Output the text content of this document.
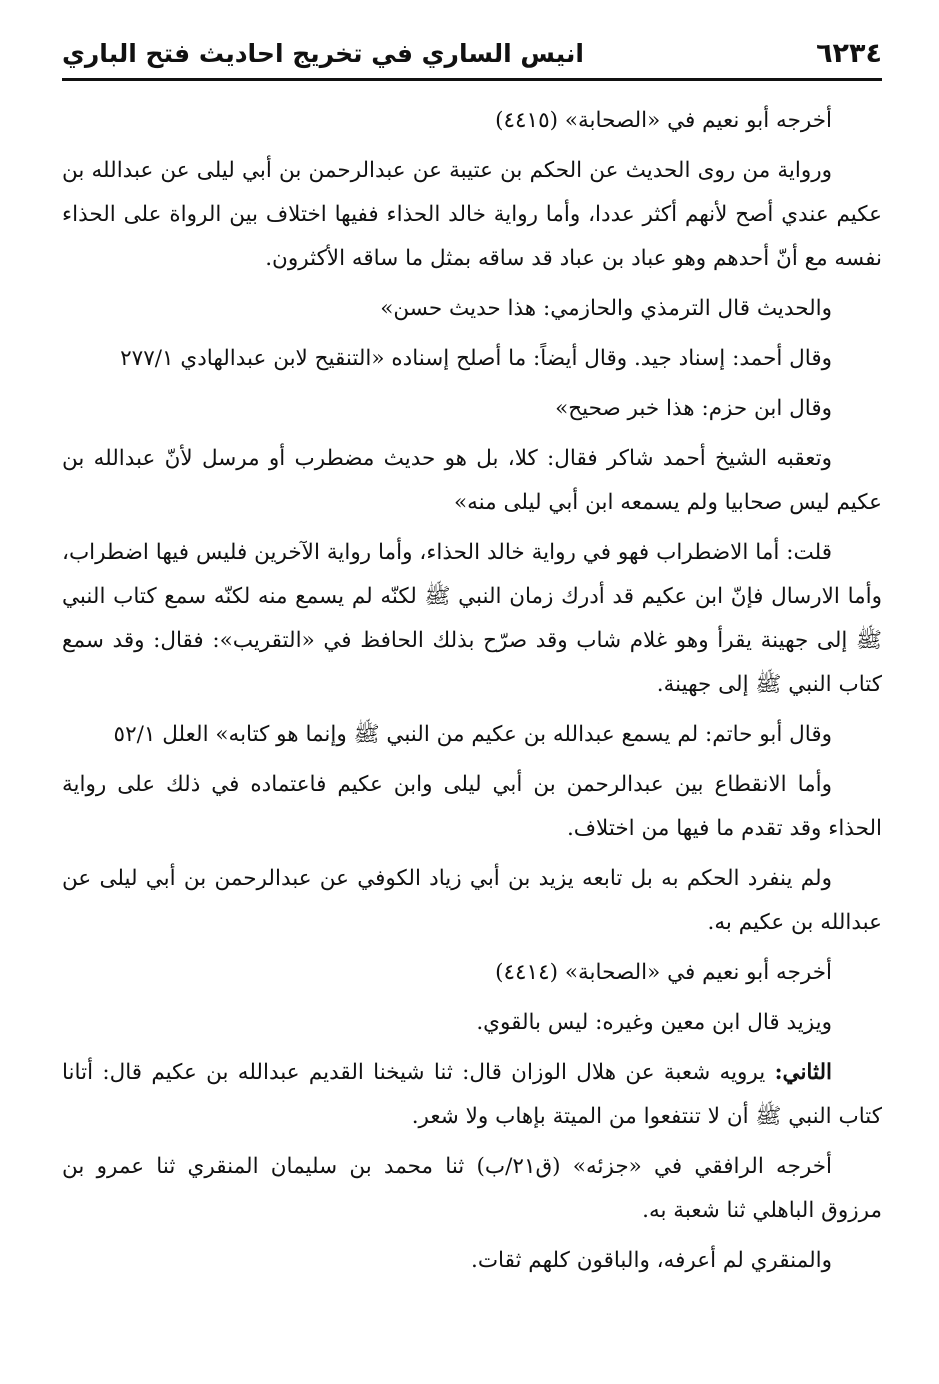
٦٢٣٤
انيس الساري في تخريج احاديث فتح الباري

أخرجه أبو نعيم في «الصحابة» (٤٤١٥)

ورواية من روى الحديث عن الحكم بن عتيبة عن عبدالرحمن بن أبي ليلى عن عبدالله بن عكيم عندي أصح لأنهم أكثر عددا، وأما رواية خالد الحذاء ففيها اختلاف بين الرواة على الحذاء نفسه مع أنّ أحدهم وهو عباد بن عباد قد ساقه بمثل ما ساقه الأكثرون.

والحديث قال الترمذي والحازمي: هذا حديث حسن»

وقال أحمد: إسناد جيد. وقال أيضاً: ما أصلح إسناده «التنقيح لابن عبدالهادي ٢٧٧/١

وقال ابن حزم: هذا خبر صحيح»

وتعقبه الشيخ أحمد شاكر فقال: كلا، بل هو حديث مضطرب أو مرسل لأنّ عبدالله بن عكيم ليس صحابيا ولم يسمعه ابن أبي ليلى منه»

قلت: أما الاضطراب فهو في رواية خالد الحذاء، وأما رواية الآخرين فليس فيها اضطراب، وأما الارسال فإنّ ابن عكيم قد أدرك زمان النبي ﷺ لكنّه لم يسمع منه لكنّه سمع كتاب النبي ﷺ إلى جهينة يقرأ وهو غلام شاب وقد صرّح بذلك الحافظ في «التقريب»: فقال: وقد سمع كتاب النبي ﷺ إلى جهينة.

وقال أبو حاتم: لم يسمع عبدالله بن عكيم من النبي ﷺ وإنما هو كتابه» العلل ٥٢/١

وأما الانقطاع بين عبدالرحمن بن أبي ليلى وابن عكيم فاعتماده في ذلك على رواية الحذاء وقد تقدم ما فيها من اختلاف.

ولم ينفرد الحكم به بل تابعه يزيد بن أبي زياد الكوفي عن عبدالرحمن بن أبي ليلى عن عبدالله بن عكيم به.

أخرجه أبو نعيم في «الصحابة» (٤٤١٤)

ويزيد قال ابن معين وغيره: ليس بالقوي.

الثاني: يرويه شعبة عن هلال الوزان قال: ثنا شيخنا القديم عبدالله بن عكيم قال: أتانا كتاب النبي ﷺ أن لا تنتفعوا من الميتة بإهاب ولا شعر.

أخرجه الرافقي في «جزئه» (ق٢١/ب) ثنا محمد بن سليمان المنقري ثنا عمرو بن مرزوق الباهلي ثنا شعبة به.

والمنقري لم أعرفه، والباقون كلهم ثقات.
